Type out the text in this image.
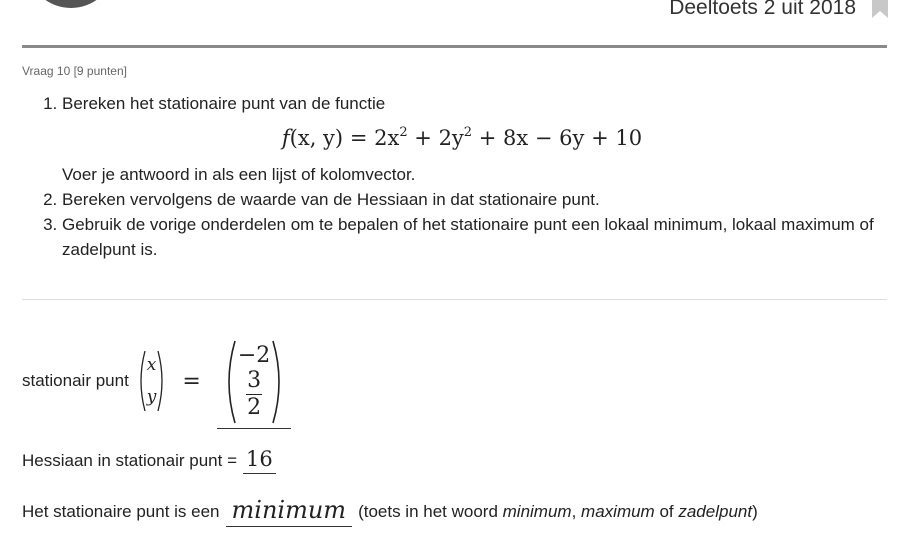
Deeltoets 2 uit 2018
Vraag 10 [9 punten]
1. Bereken het stationaire punt van de functie
f(x, $y) = 2x^2 + 2y^2 + 8x - 6y + 10$
Voer je antwoord in als een lijst of kolomvector.
2. Bereken vervolgens de waarde van de Hessiaan in dat stationaire punt.
3. Gebruik de vorige onderdelen om te bepalen of het stationaire punt een lokaal minimum, lokaal maximum of zadelpunt is.
stationair punt
x
y
=
−2
$\frac{3}{2}$
Hessiaan in stationair punt = 16
Het stationaire punt is een minimum (toets in het woord minimum, maximum of zadelpunt)
